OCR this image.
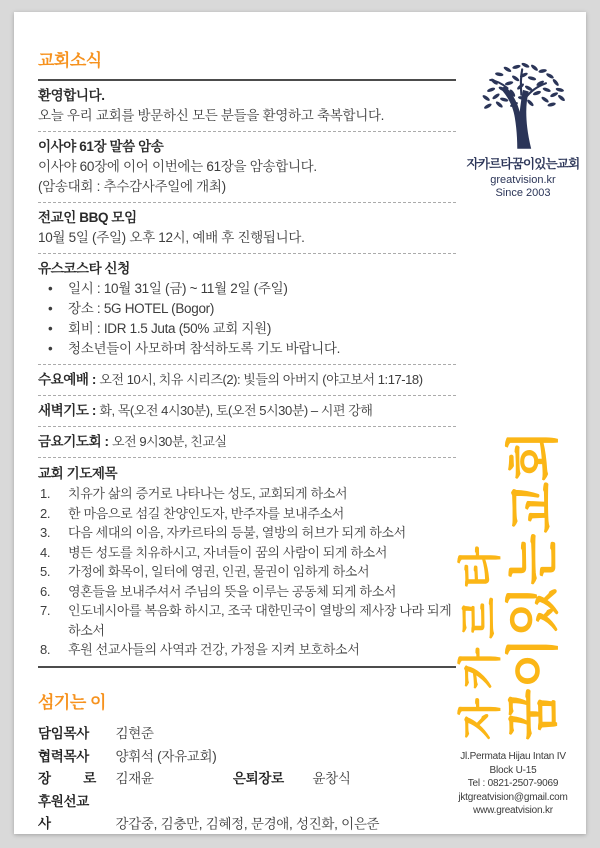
교회소식
환영합니다.
오늘 우리 교회를 방문하신 모든 분들을 환영하고 축복합니다.
이사야 61장 말씀 암송
이사야 60장에 이어 이번에는 61장을 암송합니다.
(암송대회 : 추수감사주일에 개최)
전교인 BBQ 모임
10월 5일 (주일) 오후 12시, 예배 후 진행됩니다.
유스코스타 신청
• 일시 : 10월 31일 (금) ~ 11월 2일 (주일)
• 장소 : 5G HOTEL (Bogor)
• 회비 : IDR 1.5 Juta (50% 교회 지원)
• 청소년들이 사모하며 참석하도록 기도 바랍니다.
수요예배 : 오전 10시, 치유 시리즈(2): 빛들의 아버지 (야고보서 1:17-18)
새벽기도 : 화, 목(오전 4시30분), 토(오전 5시30분) – 시편 강해
금요기도회 : 오전 9시30분, 친교실
교회 기도제목
1. 치유가 삶의 증거로 나타나는 성도, 교회되게 하소서
2. 한 마음으로 섬길 찬양인도자, 반주자를 보내주소서
3. 다음 세대의 이음, 자카르타의 등불, 열방의 허브가 되게 하소서
4. 병든 성도를 치유하시고, 자녀들이 꿈의 사람이 되게 하소서
5. 가정에 화목이, 일터에 영권, 인권, 물권이 임하게 하소서
6. 영혼들을 보내주셔서 주님의 뜻을 이루는 공동체 되게 하소서
7. 인도네시아를 복음화 하시고, 조국 대한민국이 열방의 제사장 나라 되게 하소서
8. 후원 선교사들의 사역과 건강, 가정을 지켜 보호하소서
섬기는 이
담임목사 김현준
협력목사 양휘석 (자유교회)
장 로 김재윤	은퇴장로 윤창식
후원선교사	강갑중, 김충만, 김혜정, 문경애, 성진화, 이은준
자카르타꿈이있는교회
greatvision.kr
Since 2003
자카르타 꿈이있는교회
Jl.Permata Hijau Intan IV
Block U-15
Tel : 0821-2507-9069
jktgreatvision@gmail.com
www.greatvision.kr
